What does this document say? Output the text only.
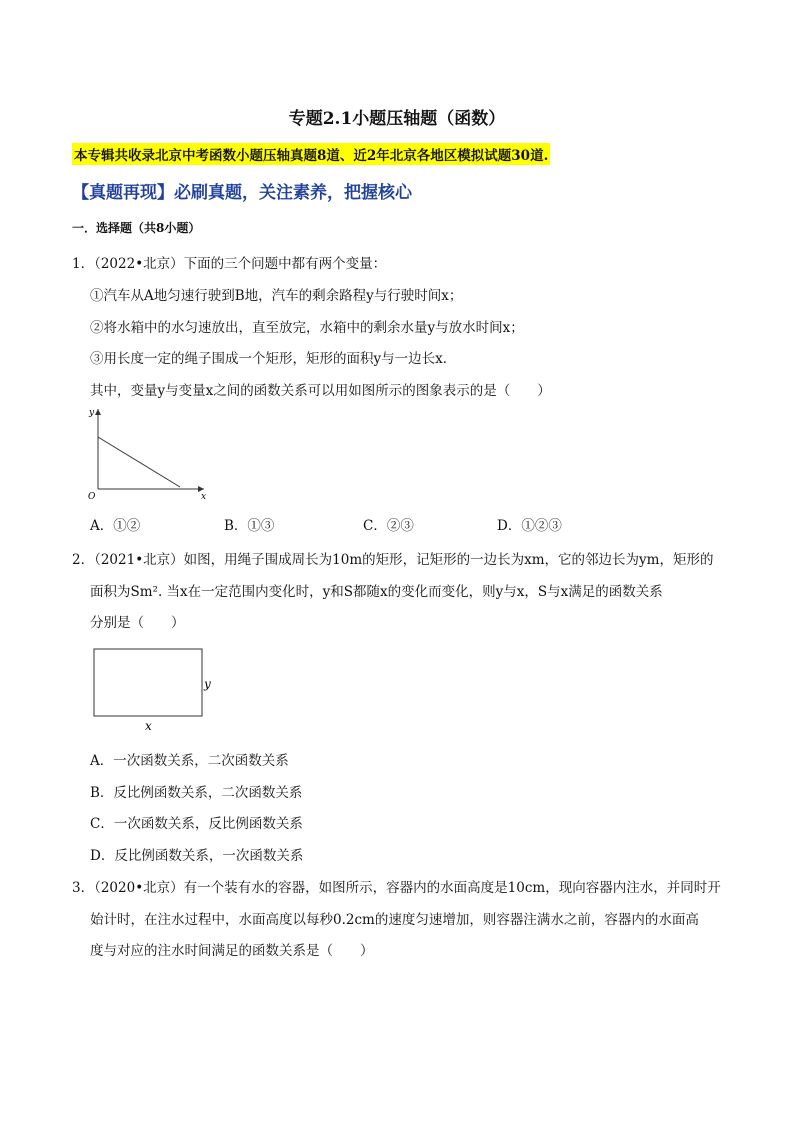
专题2.1小题压轴题（函数）
本专辑共收录北京中考函数小题压轴真题8道、近2年北京各地区模拟试题30道.
【真题再现】必刷真题，关注素养，把握核心
一．选择题（共8小题）
1．（2022•北京）下面的三个问题中都有两个变量：
①汽车从A地匀速行驶到B地，汽车的剩余路程y与行驶时间x；
②将水箱中的水匀速放出，直至放完，水箱中的剩余水量y与放水时间x；
③用长度一定的绳子围成一个矩形，矩形的面积y与一边长x．
其中，变量y与变量x之间的函数关系可以用如图所示的图象表示的是（　　）
y
x
O
A．①②	B．①③	C．②③	D．①②③
2．（2021•北京）如图，用绳子围成周长为10m的矩形，记矩形的一边长为xm，它的邻边长为ym，矩形的
面积为Sm². 当x在一定范围内变化时，y和S都随x的变化而变化，则y与x，S与x满足的函数关系
分别是（　　）
y
x
A．一次函数关系，二次函数关系
B．反比例函数关系，二次函数关系
C．一次函数关系，反比例函数关系
D．反比例函数关系，一次函数关系
3．（2020•北京）有一个装有水的容器，如图所示，容器内的水面高度是10cm，现向容器内注水，并同时开
始计时，在注水过程中，水面高度以每秒0.2cm的速度匀速增加，则容器注满水之前，容器内的水面高
度与对应的注水时间满足的函数关系是（　　）
